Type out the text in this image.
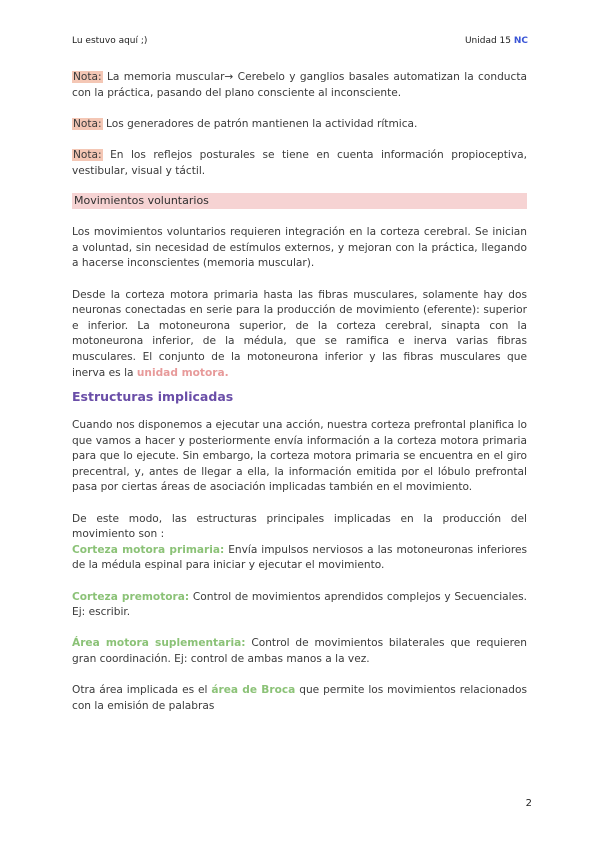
Lu estuvo aquí ;)	Unidad 15 NC

Nota: La memoria muscular→ Cerebelo y ganglios basales automatizan la conducta con la práctica, pasando del plano consciente al inconsciente.

Nota: Los generadores de patrón mantienen la actividad rítmica.

Nota: En los reflejos posturales se tiene en cuenta información propioceptiva, vestibular, visual y táctil.

Movimientos voluntarios

Los movimientos voluntarios requieren integración en la corteza cerebral. Se inician a voluntad, sin necesidad de estímulos externos, y mejoran con la práctica, llegando a hacerse inconscientes (memoria muscular).

Desde la corteza motora primaria hasta las fibras musculares, solamente hay dos neuronas conectadas en serie para la producción de movimiento (eferente): superior e inferior. La motoneurona superior, de la corteza cerebral, sinapta con la motoneurona inferior, de la médula, que se ramifica e inerva varias fibras musculares. El conjunto de la motoneurona inferior y las fibras musculares que inerva es la unidad motora.

Estructuras implicadas

Cuando nos disponemos a ejecutar una acción, nuestra corteza prefrontal planifica lo que vamos a hacer y posteriormente envía información a la corteza motora primaria para que lo ejecute. Sin embargo, la corteza motora primaria se encuentra en el giro precentral, y, antes de llegar a ella, la información emitida por el lóbulo prefrontal pasa por ciertas áreas de asociación implicadas también en el movimiento.

De este modo, las estructuras principales implicadas en la producción del movimiento son :

Corteza motora primaria: Envía impulsos nerviosos a las motoneuronas inferiores de la médula espinal para iniciar y ejecutar el movimiento.

Corteza premotora: Control de movimientos aprendidos complejos y Secuenciales. Ej: escribir.

Área motora suplementaria: Control de movimientos bilaterales que requieren gran coordinación. Ej: control de ambas manos a la vez.

Otra área implicada es el área de Broca que permite los movimientos relacionados con la emisión de palabras

2
